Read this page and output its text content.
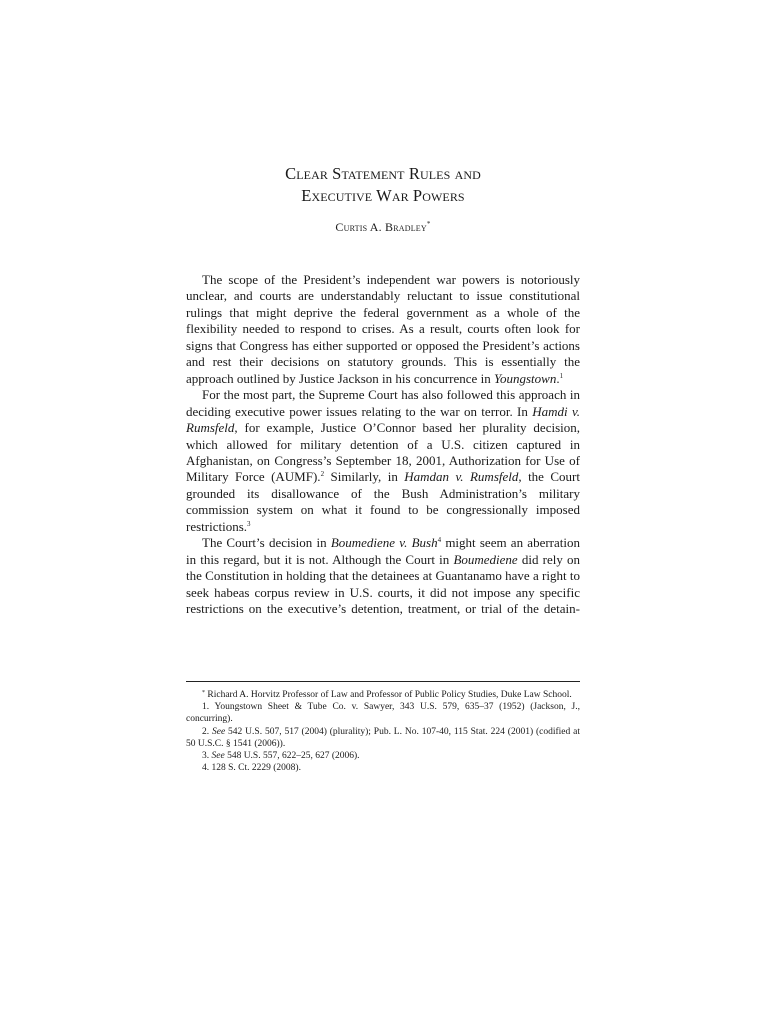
Clear Statement Rules and
Executive War Powers
Curtis A. Bradley*

The scope of the President’s independent war powers is notoriously unclear, and courts are understandably reluctant to issue constitutional rulings that might deprive the federal government as a whole of the flexibility needed to respond to crises. As a result, courts often look for signs that Congress has either supported or opposed the President’s actions and rest their decisions on statutory grounds. This is essentially the approach outlined by Justice Jackson in his concurrence in Youngstown.$^1$

For the most part, the Supreme Court has also followed this approach in deciding executive power issues relating to the war on terror. In Hamdi v. Rumsfeld, for example, Justice O’Connor based her plurality decision, which allowed for military detention of a U.S. citizen captured in Afghanistan, on Congress’s September 18, 2001, Authorization for Use of Military Force (AUMF).$^2$ Similarly, in Hamdan v. Rumsfeld, the Court grounded its disallowance of the Bush Administration’s military commission system on what it found to be congressionally imposed restrictions.$^3$

The Court’s decision in Boumediene v. Bush$^4$ might seem an aberration in this regard, but it is not. Although the Court in Boumediene did rely on the Constitution in holding that the detainees at Guantanamo have a right to seek habeas corpus review in U.S. courts, it did not impose any specific restrictions on the executive’s detention, treatment, or trial of the detain-

* Richard A. Horvitz Professor of Law and Professor of Public Policy Studies, Duke Law School.

1. Youngstown Sheet & Tube Co. v. Sawyer, 343 U.S. 579, 635–37 (1952) (Jackson, J., concurring).

2. See 542 U.S. 507, 517 (2004) (plurality); Pub. L. No. 107-40, 115 Stat. 224 (2001) (codified at 50 U.S.C. § 1541 (2006)).

3. See 548 U.S. 557, 622–25, 627 (2006).

4. 128 S. Ct. 2229 (2008).
